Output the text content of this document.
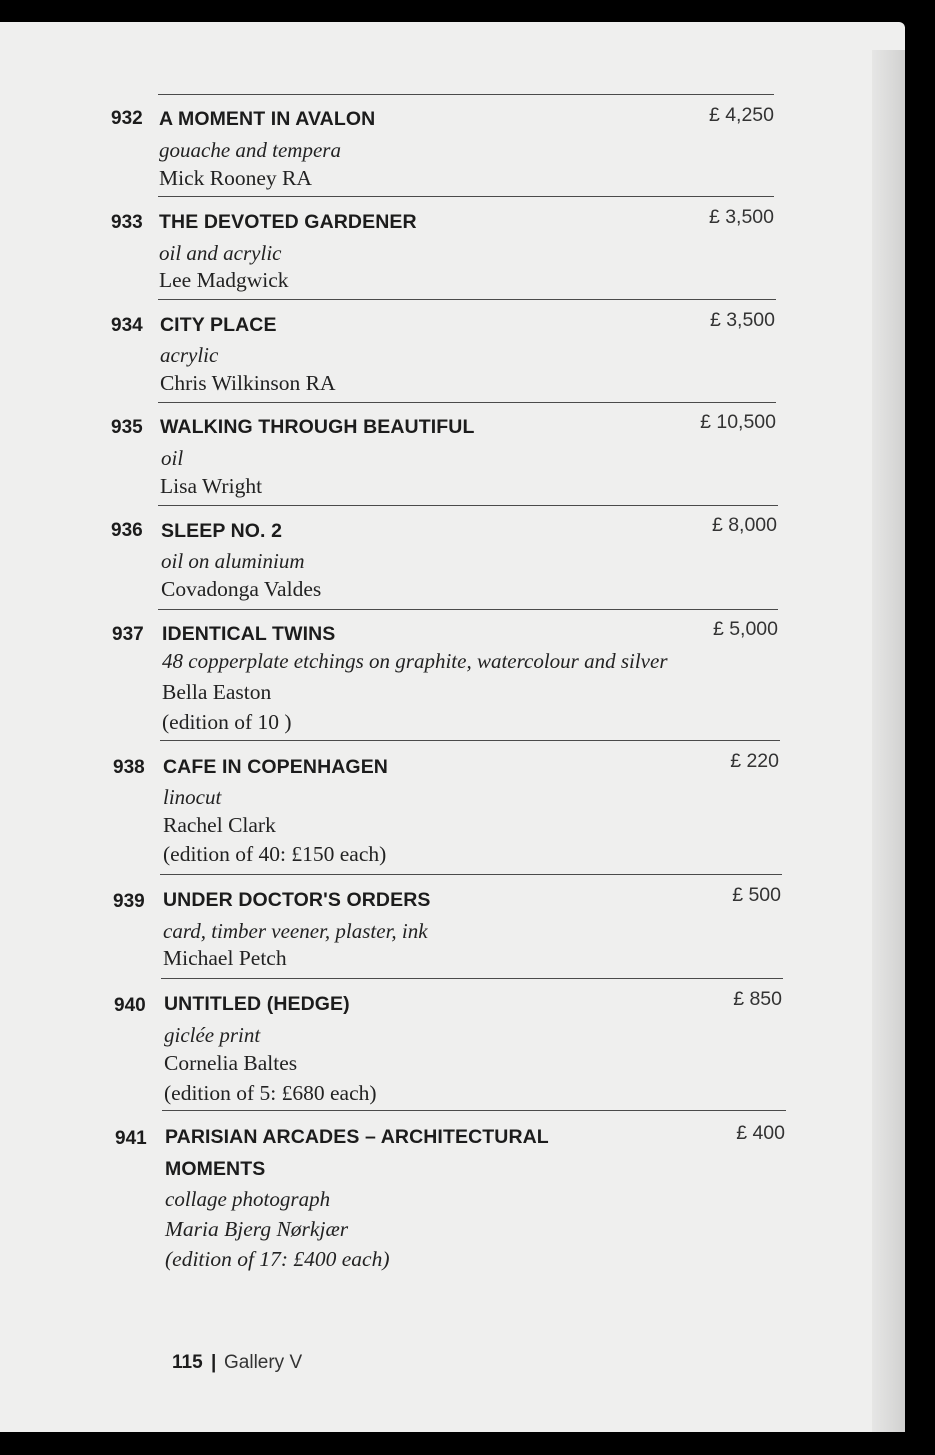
932 A MOMENT IN AVALON
gouache and tempera
Mick Rooney RA
£ 4,250
933 THE DEVOTED GARDENER
oil and acrylic
Lee Madgwick
£ 3,500
934 CITY PLACE
acrylic
Chris Wilkinson RA
£ 3,500
935 WALKING THROUGH BEAUTIFUL
oil
Lisa Wright
£ 10,500
936 SLEEP NO. 2
oil on aluminium
Covadonga Valdes
£ 8,000
937 IDENTICAL TWINS
48 copperplate etchings on graphite, watercolour and silver
Bella Easton
(edition of 10 )
£ 5,000
938 CAFE IN COPENHAGEN
linocut
Rachel Clark
(edition of 40: £150 each)
£ 220
939 UNDER DOCTOR'S ORDERS
card, timber veener, plaster, ink
Michael Petch
£ 500
940 UNTITLED (HEDGE)
giclée print
Cornelia Baltes
(edition of 5: £680 each)
£ 850
941 PARISIAN ARCADES – ARCHITECTURAL
MOMENTS
collage photograph
Maria Bjerg Nørkjær
(edition of 17: £400 each)
£ 400
115 | Gallery V
